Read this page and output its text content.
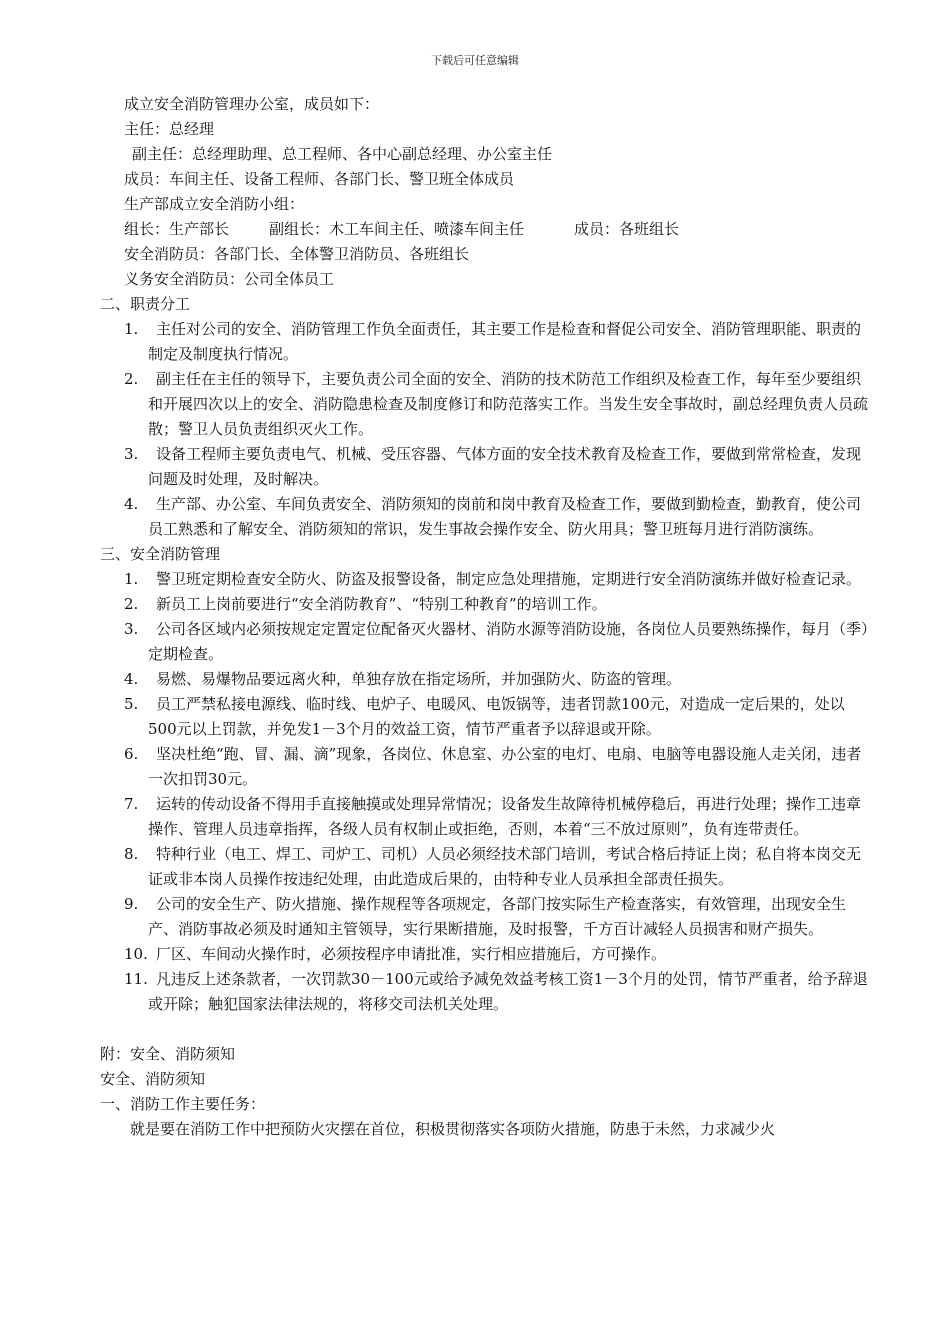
下载后可任意编辑
成立安全消防管理办公室，成员如下：
主任：总经理
副主任：总经理助理、总工程师、各中心副总经理、办公室主任
成员：车间主任、设备工程师、各部门长、警卫班全体成员
生产部成立安全消防小组：
组长：生产部长	副组长：木工车间主任、喷漆车间主任	成员：各班组长
安全消防员：各部门长、全体警卫消防员、各班组长
义务安全消防员：公司全体员工
二、职责分工
1.	主任对公司的安全、消防管理工作负全面责任，其主要工作是检查和督促公司安全、消防管理职能、职责的制定及制度执行情况。
2.	副主任在主任的领导下，主要负责公司全面的安全、消防的技术防范工作组织及检查工作，每年至少要组织和开展四次以上的安全、消防隐患检查及制度修订和防范落实工作。当发生安全事故时，副总经理负责人员疏散；警卫人员负责组织灭火工作。
3.	设备工程师主要负责电气、机械、受压容器、气体方面的安全技术教育及检查工作，要做到常常检查，发现问题及时处理，及时解决。
4.	生产部、办公室、车间负责安全、消防须知的岗前和岗中教育及检查工作，要做到勤检查，勤教育，使公司员工熟悉和了解安全、消防须知的常识，发生事故会操作安全、防火用具；警卫班每月进行消防演练。
三、安全消防管理
1.	警卫班定期检查安全防火、防盗及报警设备，制定应急处理措施，定期进行安全消防演练并做好检查记录。
2.	新员工上岗前要进行“安全消防教育”、“特别工种教育”的培训工作。
3.	公司各区域内必须按规定定置定位配备灭火器材、消防水源等消防设施，各岗位人员要熟练操作，每月（季）定期检查。
4.	易燃、易爆物品要远离火种，单独存放在指定场所，并加强防火、防盗的管理。
5.	员工严禁私接电源线、临时线、电炉子、电暖风、电饭锅等，违者罚款100元，对造成一定后果的，处以500元以上罚款，并免发1－3个月的效益工资，情节严重者予以辞退或开除。
6.	坚决杜绝“跑、冒、漏、滴”现象，各岗位、休息室、办公室的电灯、电扇、电脑等电器设施人走关闭，违者一次扣罚30元。
7.	运转的传动设备不得用手直接触摸或处理异常情况；设备发生故障待机械停稳后，再进行处理；操作工违章操作、管理人员违章指挥，各级人员有权制止或拒绝，否则，本着“三不放过原则”，负有连带责任。
8.	特种行业（电工、焊工、司炉工、司机）人员必须经技术部门培训，考试合格后持证上岗；私自将本岗交无证或非本岗人员操作按违纪处理，由此造成后果的，由特种专业人员承担全部责任损失。
9.	公司的安全生产、防火措施、操作规程等各项规定，各部门按实际生产检查落实，有效管理，出现安全生产、消防事故必须及时通知主管领导，实行果断措施，及时报警，千方百计减轻人员损害和财产损失。
10. 厂区、车间动火操作时，必须按程序申请批准，实行相应措施后，方可操作。
11. 凡违反上述条款者，一次罚款30－100元或给予减免效益考核工资1－3个月的处罚，情节严重者，给予辞退或开除；触犯国家法律法规的，将移交司法机关处理。
附：安全、消防须知
安全、消防须知
一、消防工作主要任务：
就是要在消防工作中把预防火灾摆在首位，积极贯彻落实各项防火措施，防患于未然，力求减少火
